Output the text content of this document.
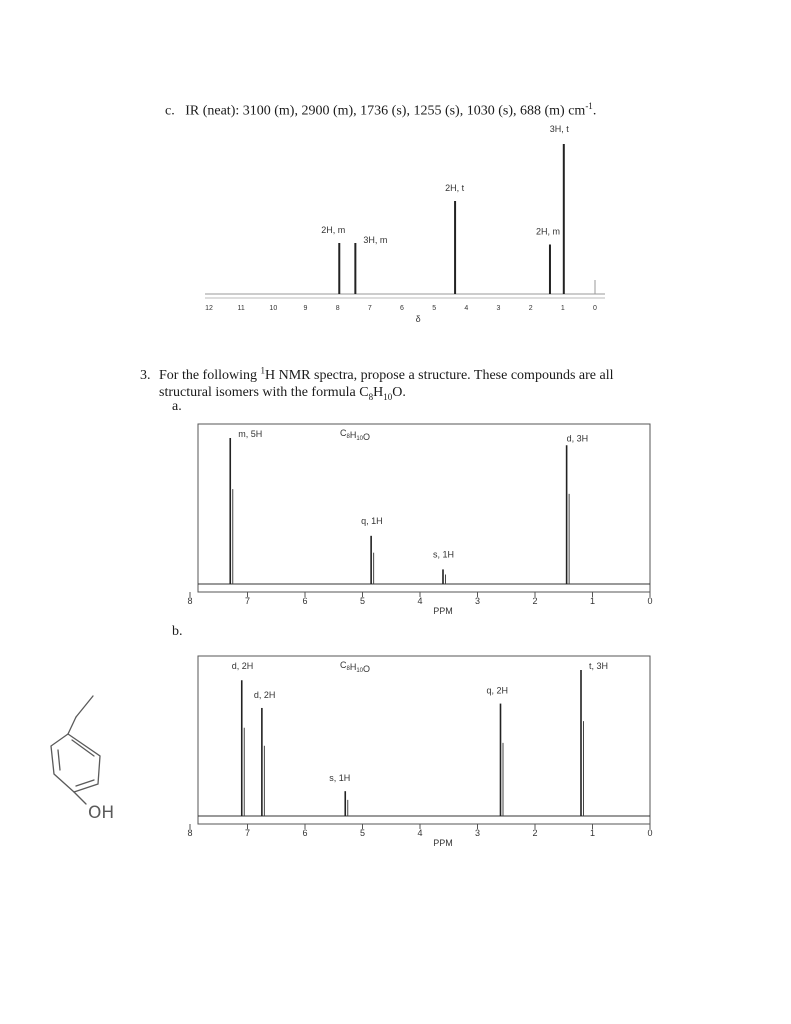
c. IR (neat): 3100 (m), 2900 (m), 1736 (s), 1255 (s), 1030 (s), 688 (m) $cm^{-1}$.
12	11	10	9	8	7	6	5	4	3	2	1	0
δ
2H, m
3H, m
2H, t
2H, m
3H, t
3. For the following $^1$H NMR spectra, propose a structure. These compounds are all
structural isomers with the formula $C_8H_{10}O$.
a.
b.
8	7	6	5	4	3	2	1	0
PPM
$C_8H_{10}O$
m, 5H
q, 1H
s, 1H
d, 3H
8	7	6	5	4	3	2	1	0
PPM
$C_8H_{10}O$
d, 2H
d, 2H
s, 1H
q, 2H
t, 3H
OH
